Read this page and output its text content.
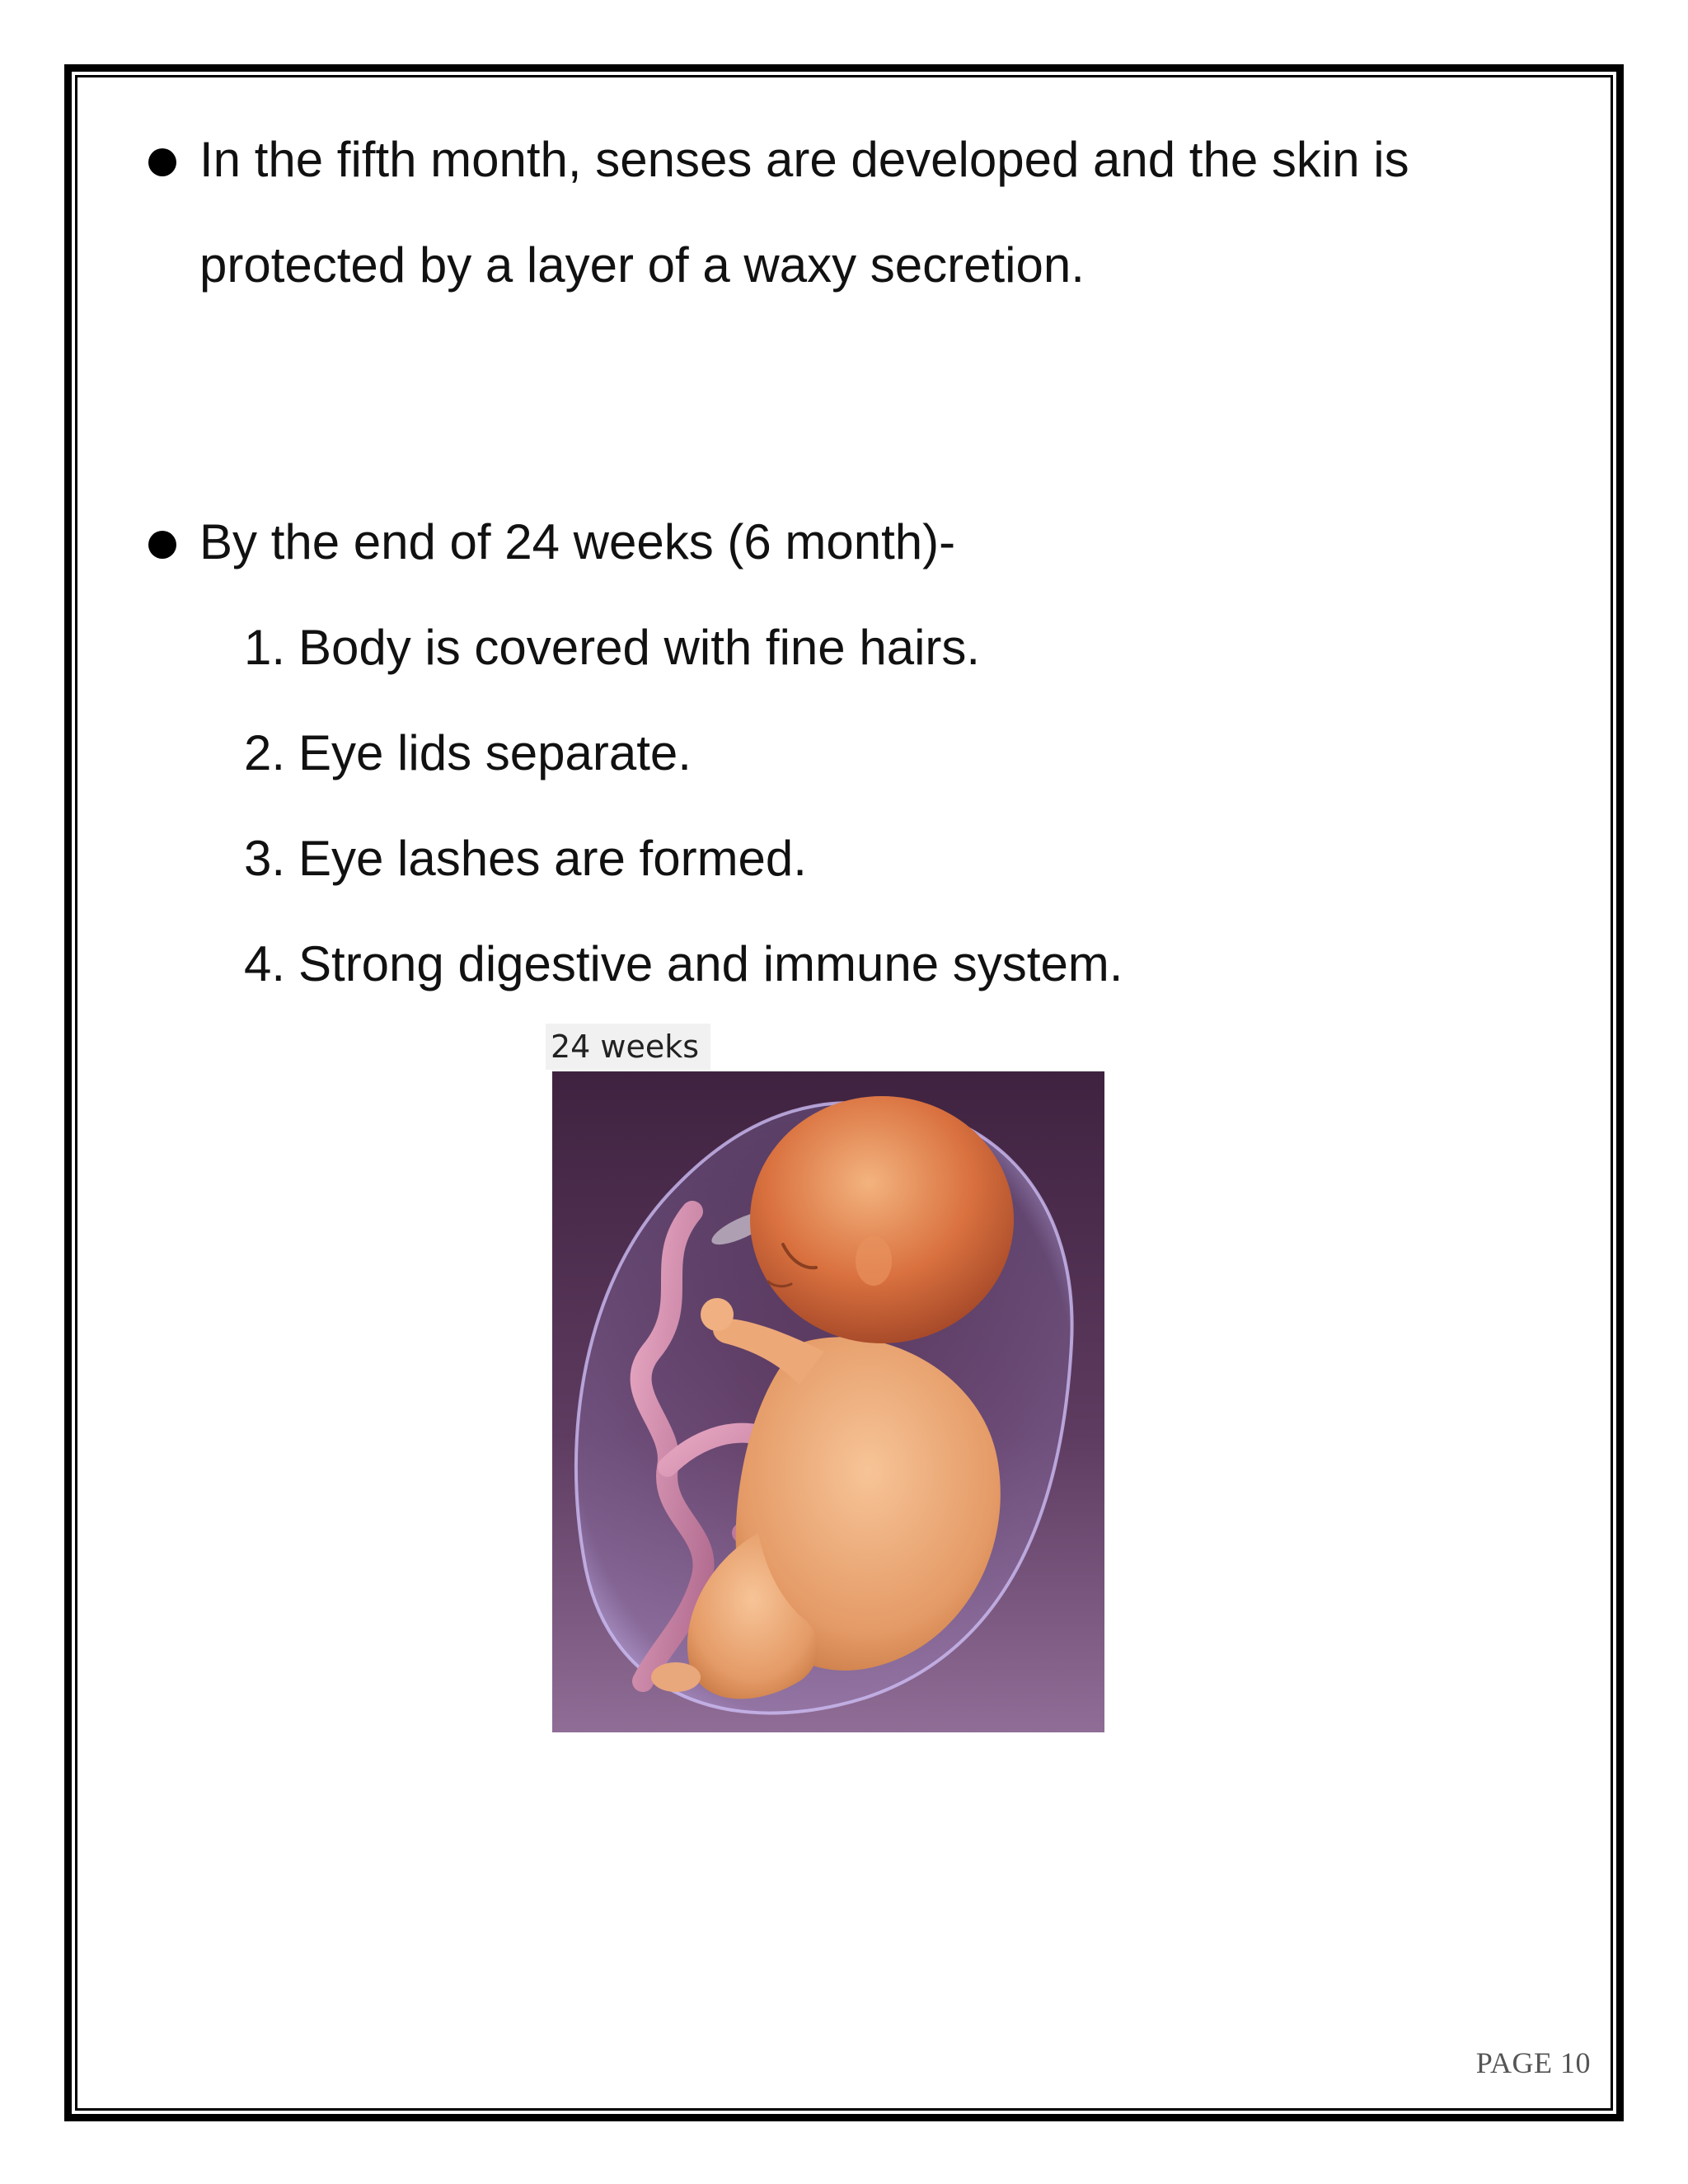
In the fifth month, senses are developed and the skin is
protected by a layer of a waxy secretion.
By the end of 24 weeks (6 month)-
1. Body is covered with fine hairs.
2. Eye lids separate.
3. Eye lashes are formed.
4. Strong digestive and immune system.
24 weeks
PAGE 10
